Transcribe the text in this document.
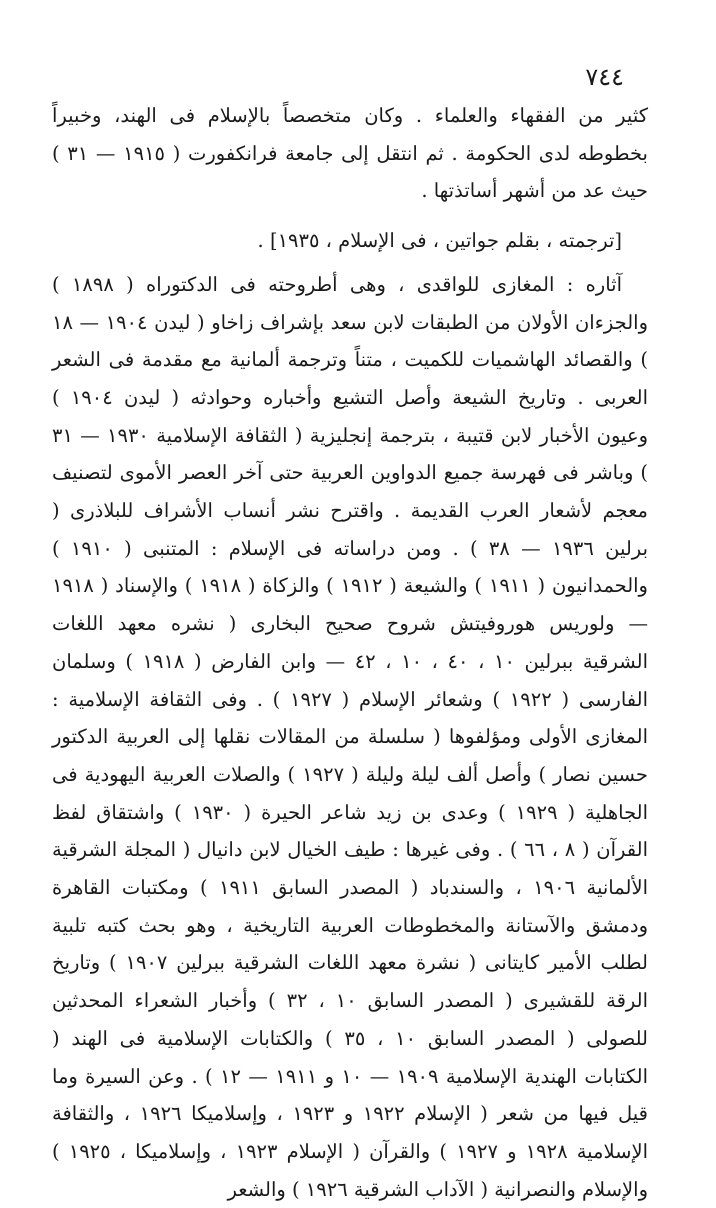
٧٤٤

كثير من الفقهاء والعلماء . وكان متخصصاً بالإسلام فى الهند، وخبيراً بخطوطه لدى الحكومة . ثم انتقل إلى جامعة فرانكفورت ( ١٩١٥ — ٣١ ) حيث عد من أشهر أساتذتها .

[ترجمته ، بقلم جواتين ، فى الإسلام ، ١٩٣٥] .

آثاره : المغازى للواقدى ، وهى أطروحته فى الدكتوراه ( ١٨٩٨ ) والجزءان الأولان من الطبقات لابن سعد بإشراف زاخاو ( ليدن ١٩٠٤ — ١٨ ) والقصائد الهاشميات للكميت ، متناً وترجمة ألمانية مع مقدمة فى الشعر العربى . وتاريخ الشيعة وأصل التشيع وأخباره وحوادثه ( ليدن ١٩٠٤ ) وعيون الأخبار لابن قتيبة ، بترجمة إنجليزية ( الثقافة الإسلامية ١٩٣٠ — ٣١ ) وباشر فى فهرسة جميع الدواوين العربية حتى آخر العصر الأموى لتصنيف معجم لأشعار العرب القديمة . واقترح نشر أنساب الأشراف للبلاذرى ( برلين ١٩٣٦ — ٣٨ ) . ومن دراساته فى الإسلام : المتنبى ( ١٩١٠ ) والحمدانيون ( ١٩١١ ) والشيعة ( ١٩١٢ ) والزكاة ( ١٩١٨ ) والإسناد ( ١٩١٨ — ولوريس هوروفيتش شروح صحيح البخارى ( نشره معهد اللغات الشرقية ببرلين ١٠ ، ٤٠ ، ١٠ ، ٤٢ — وابن الفارض ( ١٩١٨ ) وسلمان الفارسى ( ١٩٢٢ ) وشعائر الإسلام ( ١٩٢٧ ) . وفى الثقافة الإسلامية : المغازى الأولى ومؤلفوها ( سلسلة من المقالات نقلها إلى العربية الدكتور حسين نصار ) وأصل ألف ليلة وليلة ( ١٩٢٧ ) والصلات العربية اليهودية فى الجاهلية ( ١٩٢٩ ) وعدى بن زيد شاعر الحيرة ( ١٩٣٠ ) واشتقاق لفظ القرآن ( ٨ ، ٦٦ ) . وفى غيرها : طيف الخيال لابن دانيال ( المجلة الشرقية الألمانية ١٩٠٦ ، والسندباد ( المصدر السابق ١٩١١ ) ومكتبات القاهرة ودمشق والآستانة والمخطوطات العربية التاريخية ، وهو بحث كتبه تلبية لطلب الأمير كايتانى ( نشرة معهد اللغات الشرقية ببرلين ١٩٠٧ ) وتاريخ الرقة للقشيرى ( المصدر السابق ١٠ ، ٣٢ ) وأخبار الشعراء المحدثين للصولى ( المصدر السابق ١٠ ، ٣٥ ) والكتابات الإسلامية فى الهند ( الكتابات الهندية الإسلامية ١٩٠٩ — ١٠ و ١٩١١ — ١٢ ) . وعن السيرة وما قيل فيها من شعر ( الإسلام ١٩٢٢ و ١٩٢٣ ، وإسلاميكا ١٩٢٦ ، والثقافة الإسلامية ١٩٢٨ و ١٩٢٧ ) والقرآن ( الإسلام ١٩٢٣ ، وإسلاميكا ، ١٩٢٥ ) والإسلام والنصرانية ( الآداب الشرقية ١٩٢٦ ) والشعر
